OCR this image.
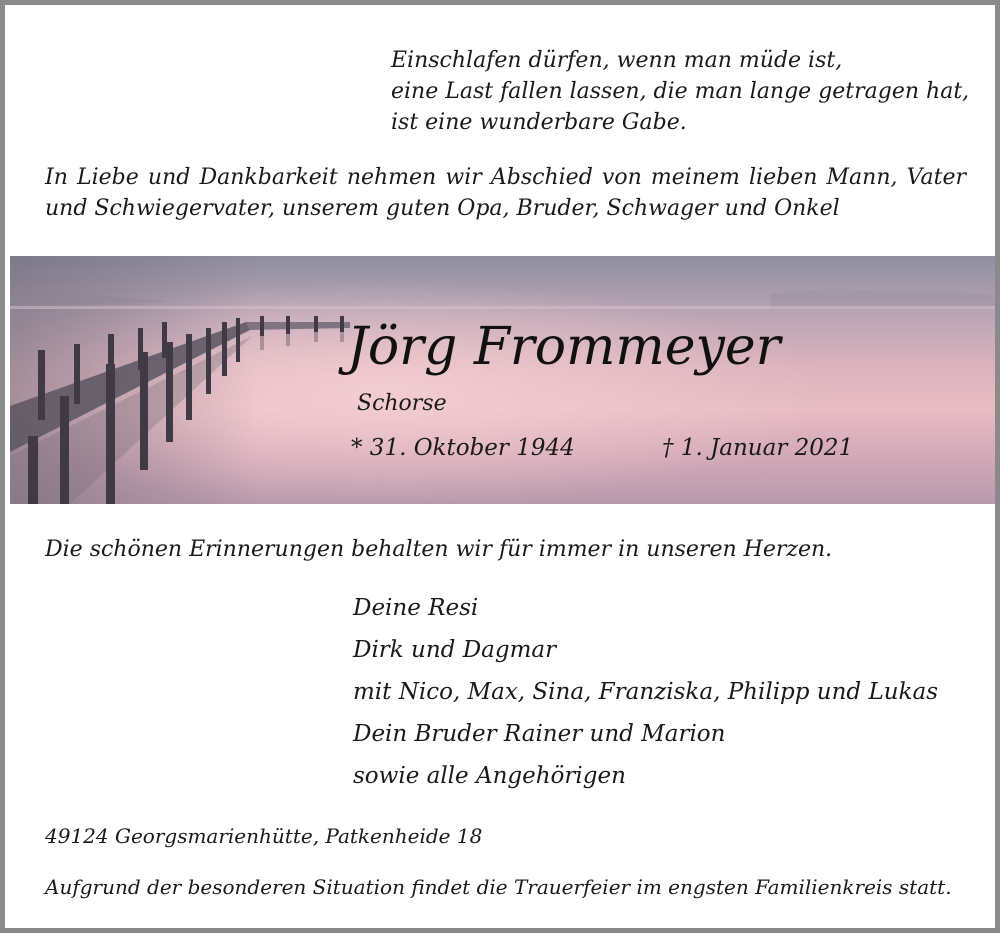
Einschlafen dürfen, wenn man müde ist,
eine Last fallen lassen, die man lange getragen hat,
ist eine wunderbare Gabe.
In Liebe und Dankbarkeit nehmen wir Abschied von meinem lieben Mann, Vater
und Schwiegervater, unserem guten Opa, Bruder, Schwager und Onkel
Jörg Frommeyer
Schorse
* 31. Oktober 1944	† 1. Januar 2021
Die schönen Erinnerungen behalten wir für immer in unseren Herzen.
Deine Resi
Dirk und Dagmar
mit Nico, Max, Sina, Franziska, Philipp und Lukas
Dein Bruder Rainer und Marion
sowie alle Angehörigen
49124 Georgsmarienhütte, Patkenheide 18
Aufgrund der besonderen Situation findet die Trauerfeier im engsten Familienkreis statt.
